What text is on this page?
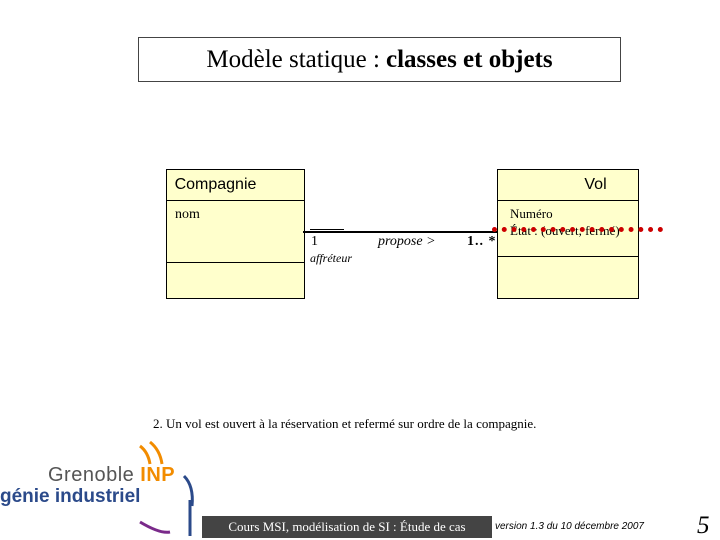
Modèle statique : classes et objets
Compagnie
nom
Vol
Numéro
État : (ouvert, fermé)
1
affréteur
propose > 1.. *
2. Un vol est ouvert à la réservation et refermé sur ordre de la compagnie.
Grenoble INP
génie industriel
Cours MSI, modélisation de SI : Étude de cas	version 1.3 du 10 décembre 2007 5
